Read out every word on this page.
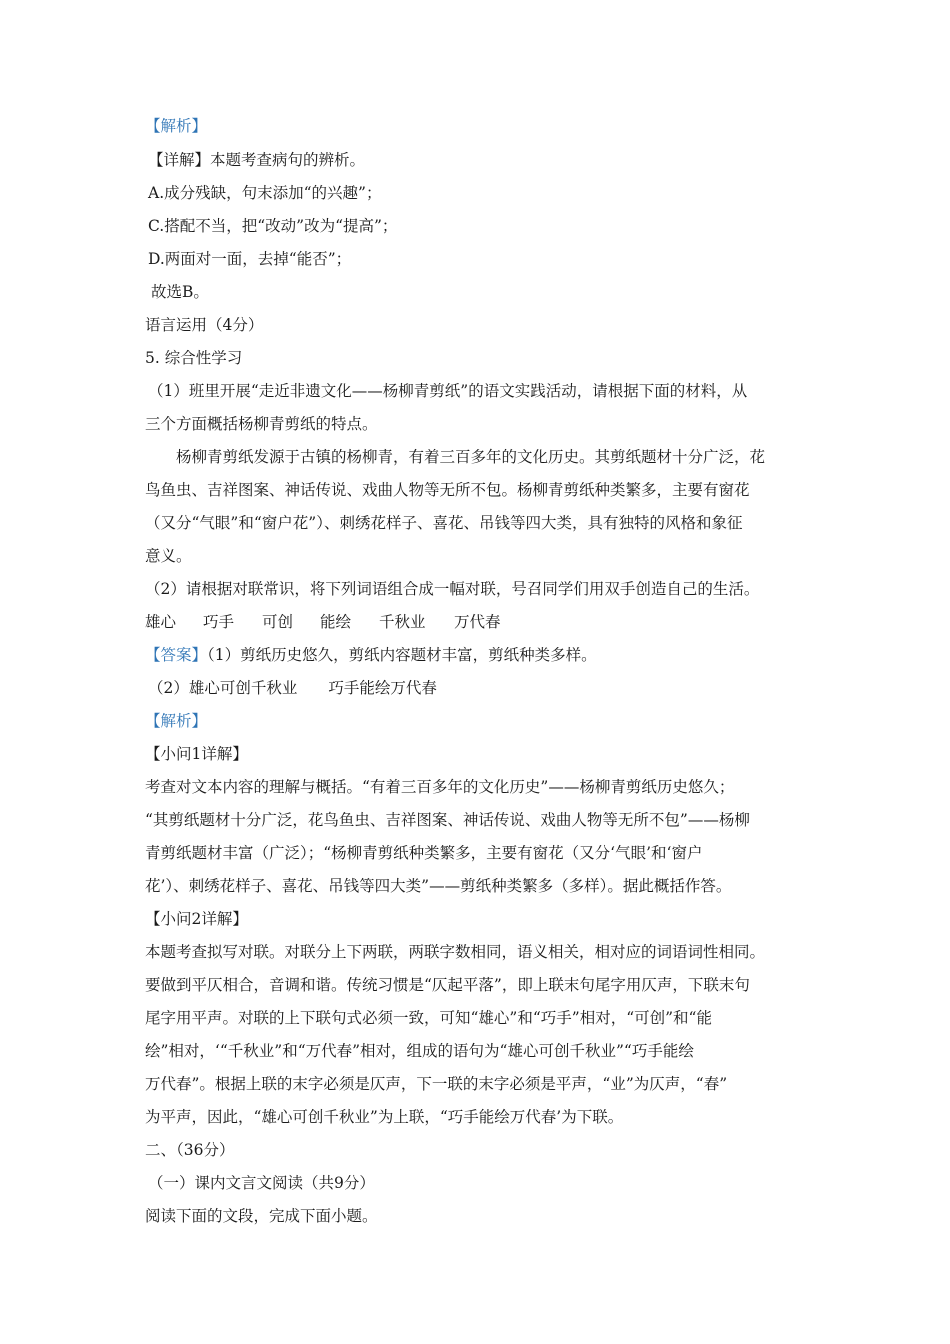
【解析】
【详解】本题考查病句的辨析。
A.成分残缺，句末添加“的兴趣”；
C.搭配不当，把“改动”改为“提高”；
D.两面对一面，去掉“能否”；
故选B。
语言运用（4分）
5. 综合性学习
（1）班里开展“走近非遗文化——杨柳青剪纸”的语文实践活动，请根据下面的材料，从
三个方面概括杨柳青剪纸的特点。
杨柳青剪纸发源于古镇的杨柳青，有着三百多年的文化历史。其剪纸题材十分广泛，花
鸟鱼虫、吉祥图案、神话传说、戏曲人物等无所不包。杨柳青剪纸种类繁多，主要有窗花
（又分“气眼”和“窗户花”）、刺绣花样子、喜花、吊钱等四大类，具有独特的风格和象征
意义。
（2）请根据对联常识，将下列词语组合成一幅对联，号召同学们用双手创造自己的生活。
雄心 巧手 可创 能绘 千秋业 万代春
【答案】（1）剪纸历史悠久，剪纸内容题材丰富，剪纸种类多样。
（2）雄心可创千秋业　　巧手能绘万代春
【解析】
【小问1详解】
考查对文本内容的理解与概括。“有着三百多年的文化历史”——杨柳青剪纸历史悠久；
“其剪纸题材十分广泛，花鸟鱼虫、吉祥图案、神话传说、戏曲人物等无所不包”——杨柳
青剪纸题材丰富（广泛）；“杨柳青剪纸种类繁多，主要有窗花（又分‘气眼’和‘窗户
花’）、刺绣花样子、喜花、吊钱等四大类”——剪纸种类繁多（多样）。据此概括作答。
【小问2详解】
本题考查拟写对联。对联分上下两联，两联字数相同，语义相关，相对应的词语词性相同。
要做到平仄相合，音调和谐。传统习惯是“仄起平落”，即上联末句尾字用仄声，下联末句
尾字用平声。对联的上下联句式必须一致，可知“雄心”和“巧手”相对，“可创”和“能
绘”相对，‘“千秋业”和“万代春”相对，组成的语句为“雄心可创千秋业”“巧手能绘
万代春”。根据上联的末字必须是仄声，下一联的末字必须是平声，“业”为仄声，“春”
为平声，因此，“雄心可创千秋业”为上联，“巧手能绘万代春’为下联。
二、（36分）
（一）课内文言文阅读（共9分）
阅读下面的文段，完成下面小题。
